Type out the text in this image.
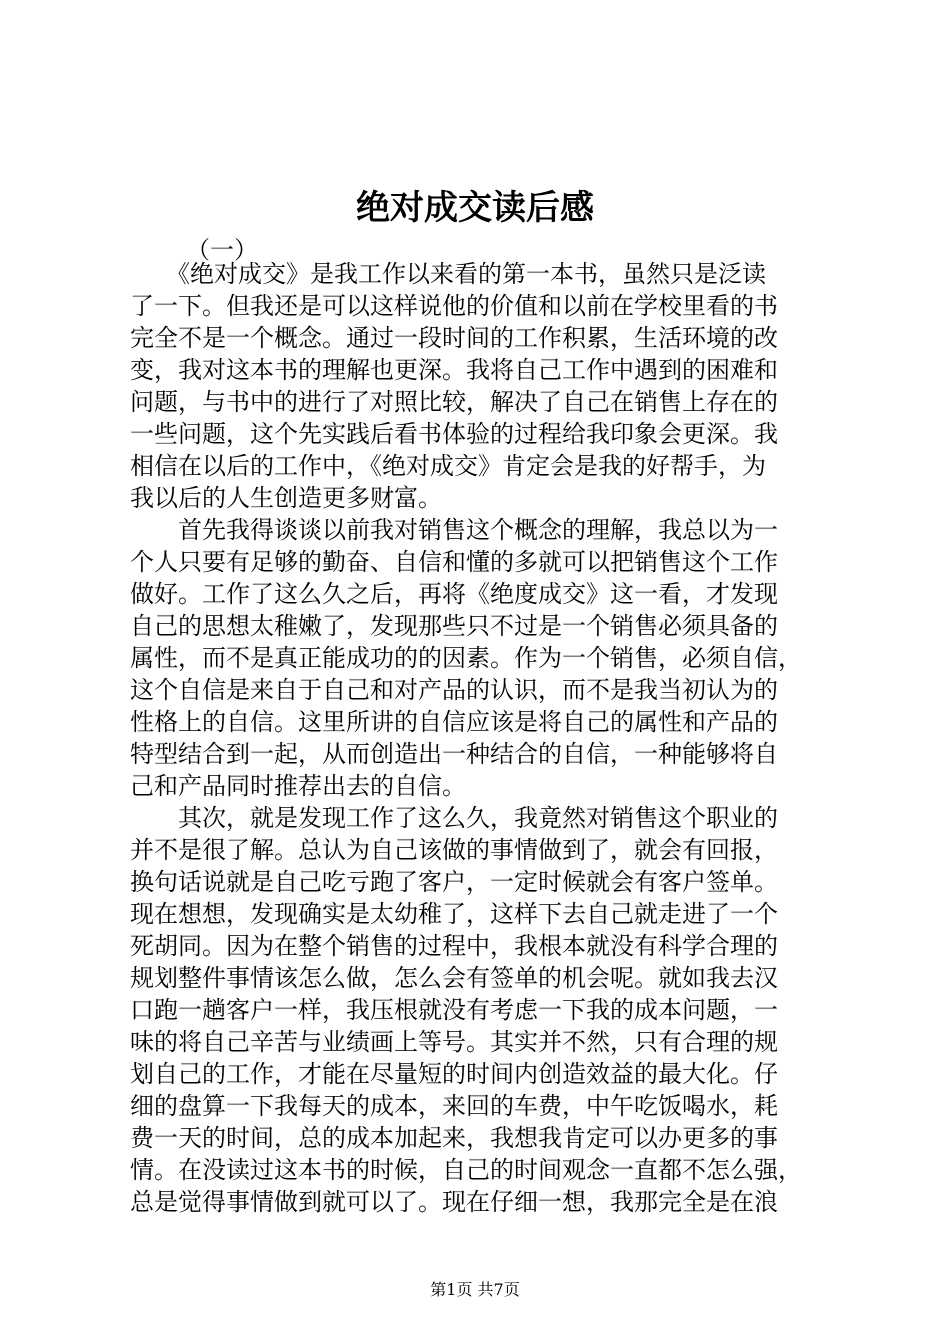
绝对成交读后感
（一）
　　《绝对成交》是我工作以来看的第一本书，虽然只是泛读
了一下。但我还是可以这样说他的价值和以前在学校里看的书
完全不是一个概念。通过一段时间的工作积累，生活环境的改
变，我对这本书的理解也更深。我将自己工作中遇到的困难和
问题，与书中的进行了对照比较，解决了自己在销售上存在的
一些问题，这个先实践后看书体验的过程给我印象会更深。我
相信在以后的工作中，《绝对成交》肯定会是我的好帮手，为
我以后的人生创造更多财富。
　　首先我得谈谈以前我对销售这个概念的理解，我总以为一
个人只要有足够的勤奋、自信和懂的多就可以把销售这个工作
做好。工作了这么久之后，再将《绝度成交》这一看，才发现
自己的思想太稚嫩了，发现那些只不过是一个销售必须具备的
属性，而不是真正能成功的的因素。作为一个销售，必须自信，
这个自信是来自于自己和对产品的认识，而不是我当初认为的
性格上的自信。这里所讲的自信应该是将自己的属性和产品的
特型结合到一起，从而创造出一种结合的自信，一种能够将自
己和产品同时推荐出去的自信。
　　其次，就是发现工作了这么久，我竟然对销售这个职业的
并不是很了解。总认为自己该做的事情做到了，就会有回报，
换句话说就是自己吃亏跑了客户，一定时候就会有客户签单。
现在想想，发现确实是太幼稚了，这样下去自己就走进了一个
死胡同。因为在整个销售的过程中，我根本就没有科学合理的
规划整件事情该怎么做，怎么会有签单的机会呢。就如我去汉
口跑一趟客户一样，我压根就没有考虑一下我的成本问题，一
味的将自己辛苦与业绩画上等号。其实并不然，只有合理的规
划自己的工作，才能在尽量短的时间内创造效益的最大化。仔
细的盘算一下我每天的成本，来回的车费，中午吃饭喝水，耗
费一天的时间，总的成本加起来，我想我肯定可以办更多的事
情。在没读过这本书的时候，自己的时间观念一直都不怎么强，
总是觉得事情做到就可以了。现在仔细一想，我那完全是在浪
第1页 共7页
